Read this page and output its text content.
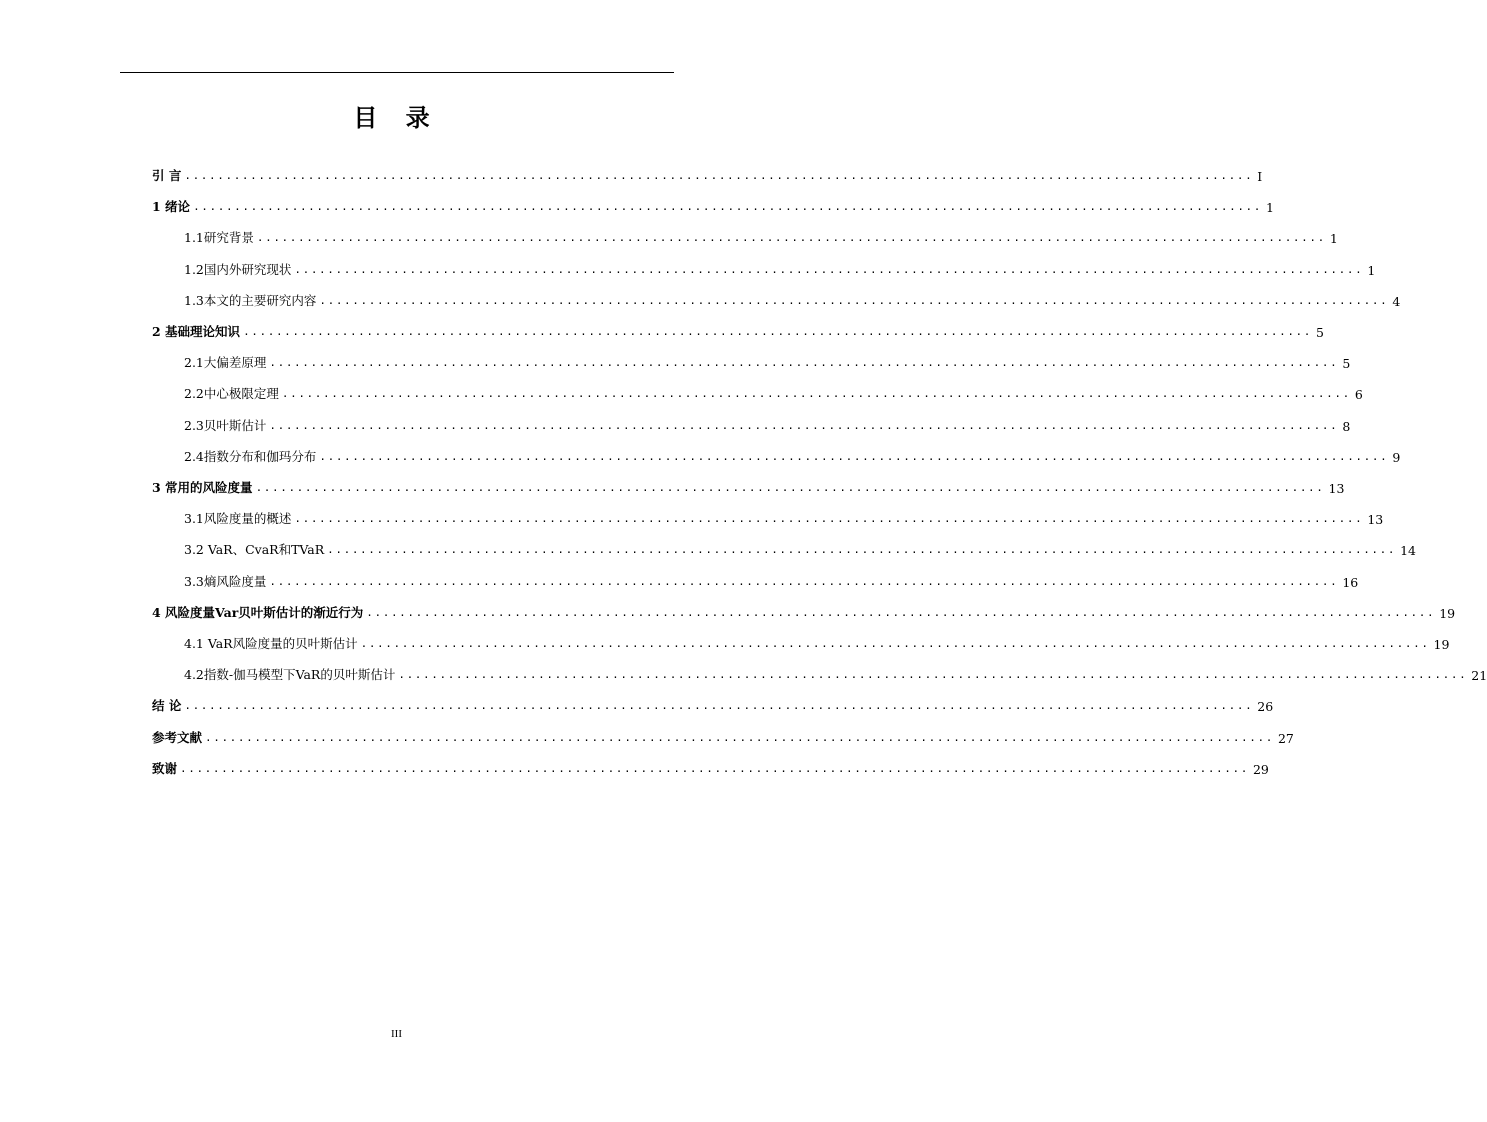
目 录
引 言 .................................................................................................................................. I
1 绪论 .................................................................................................................................. 1
1.1研究背景 .................................................................................................................................. 1
1.2国内外研究现状 .................................................................................................................................. 1
1.3本文的主要研究内容 .................................................................................................................................. 4
2 基础理论知识 .................................................................................................................................. 5
2.1大偏差原理 .................................................................................................................................. 5
2.2中心极限定理 .................................................................................................................................. 6
2.3贝叶斯估计 .................................................................................................................................. 8
2.4指数分布和伽玛分布 .................................................................................................................................. 9
3 常用的风险度量 .................................................................................................................................. 13
3.1风险度量的概述 .................................................................................................................................. 13
3.2 VaR、CvaR和TVaR .................................................................................................................................. 14
3.3熵风险度量 .................................................................................................................................. 16
4 风险度量Var贝叶斯估计的渐近行为 .................................................................................................................................. 19
4.1 VaR风险度量的贝叶斯估计 .................................................................................................................................. 19
4.2指数-伽马模型下VaR的贝叶斯估计 .................................................................................................................................. 21
结 论 .................................................................................................................................. 26
参考文献 .................................................................................................................................. 27
致谢 .................................................................................................................................. 29
III
